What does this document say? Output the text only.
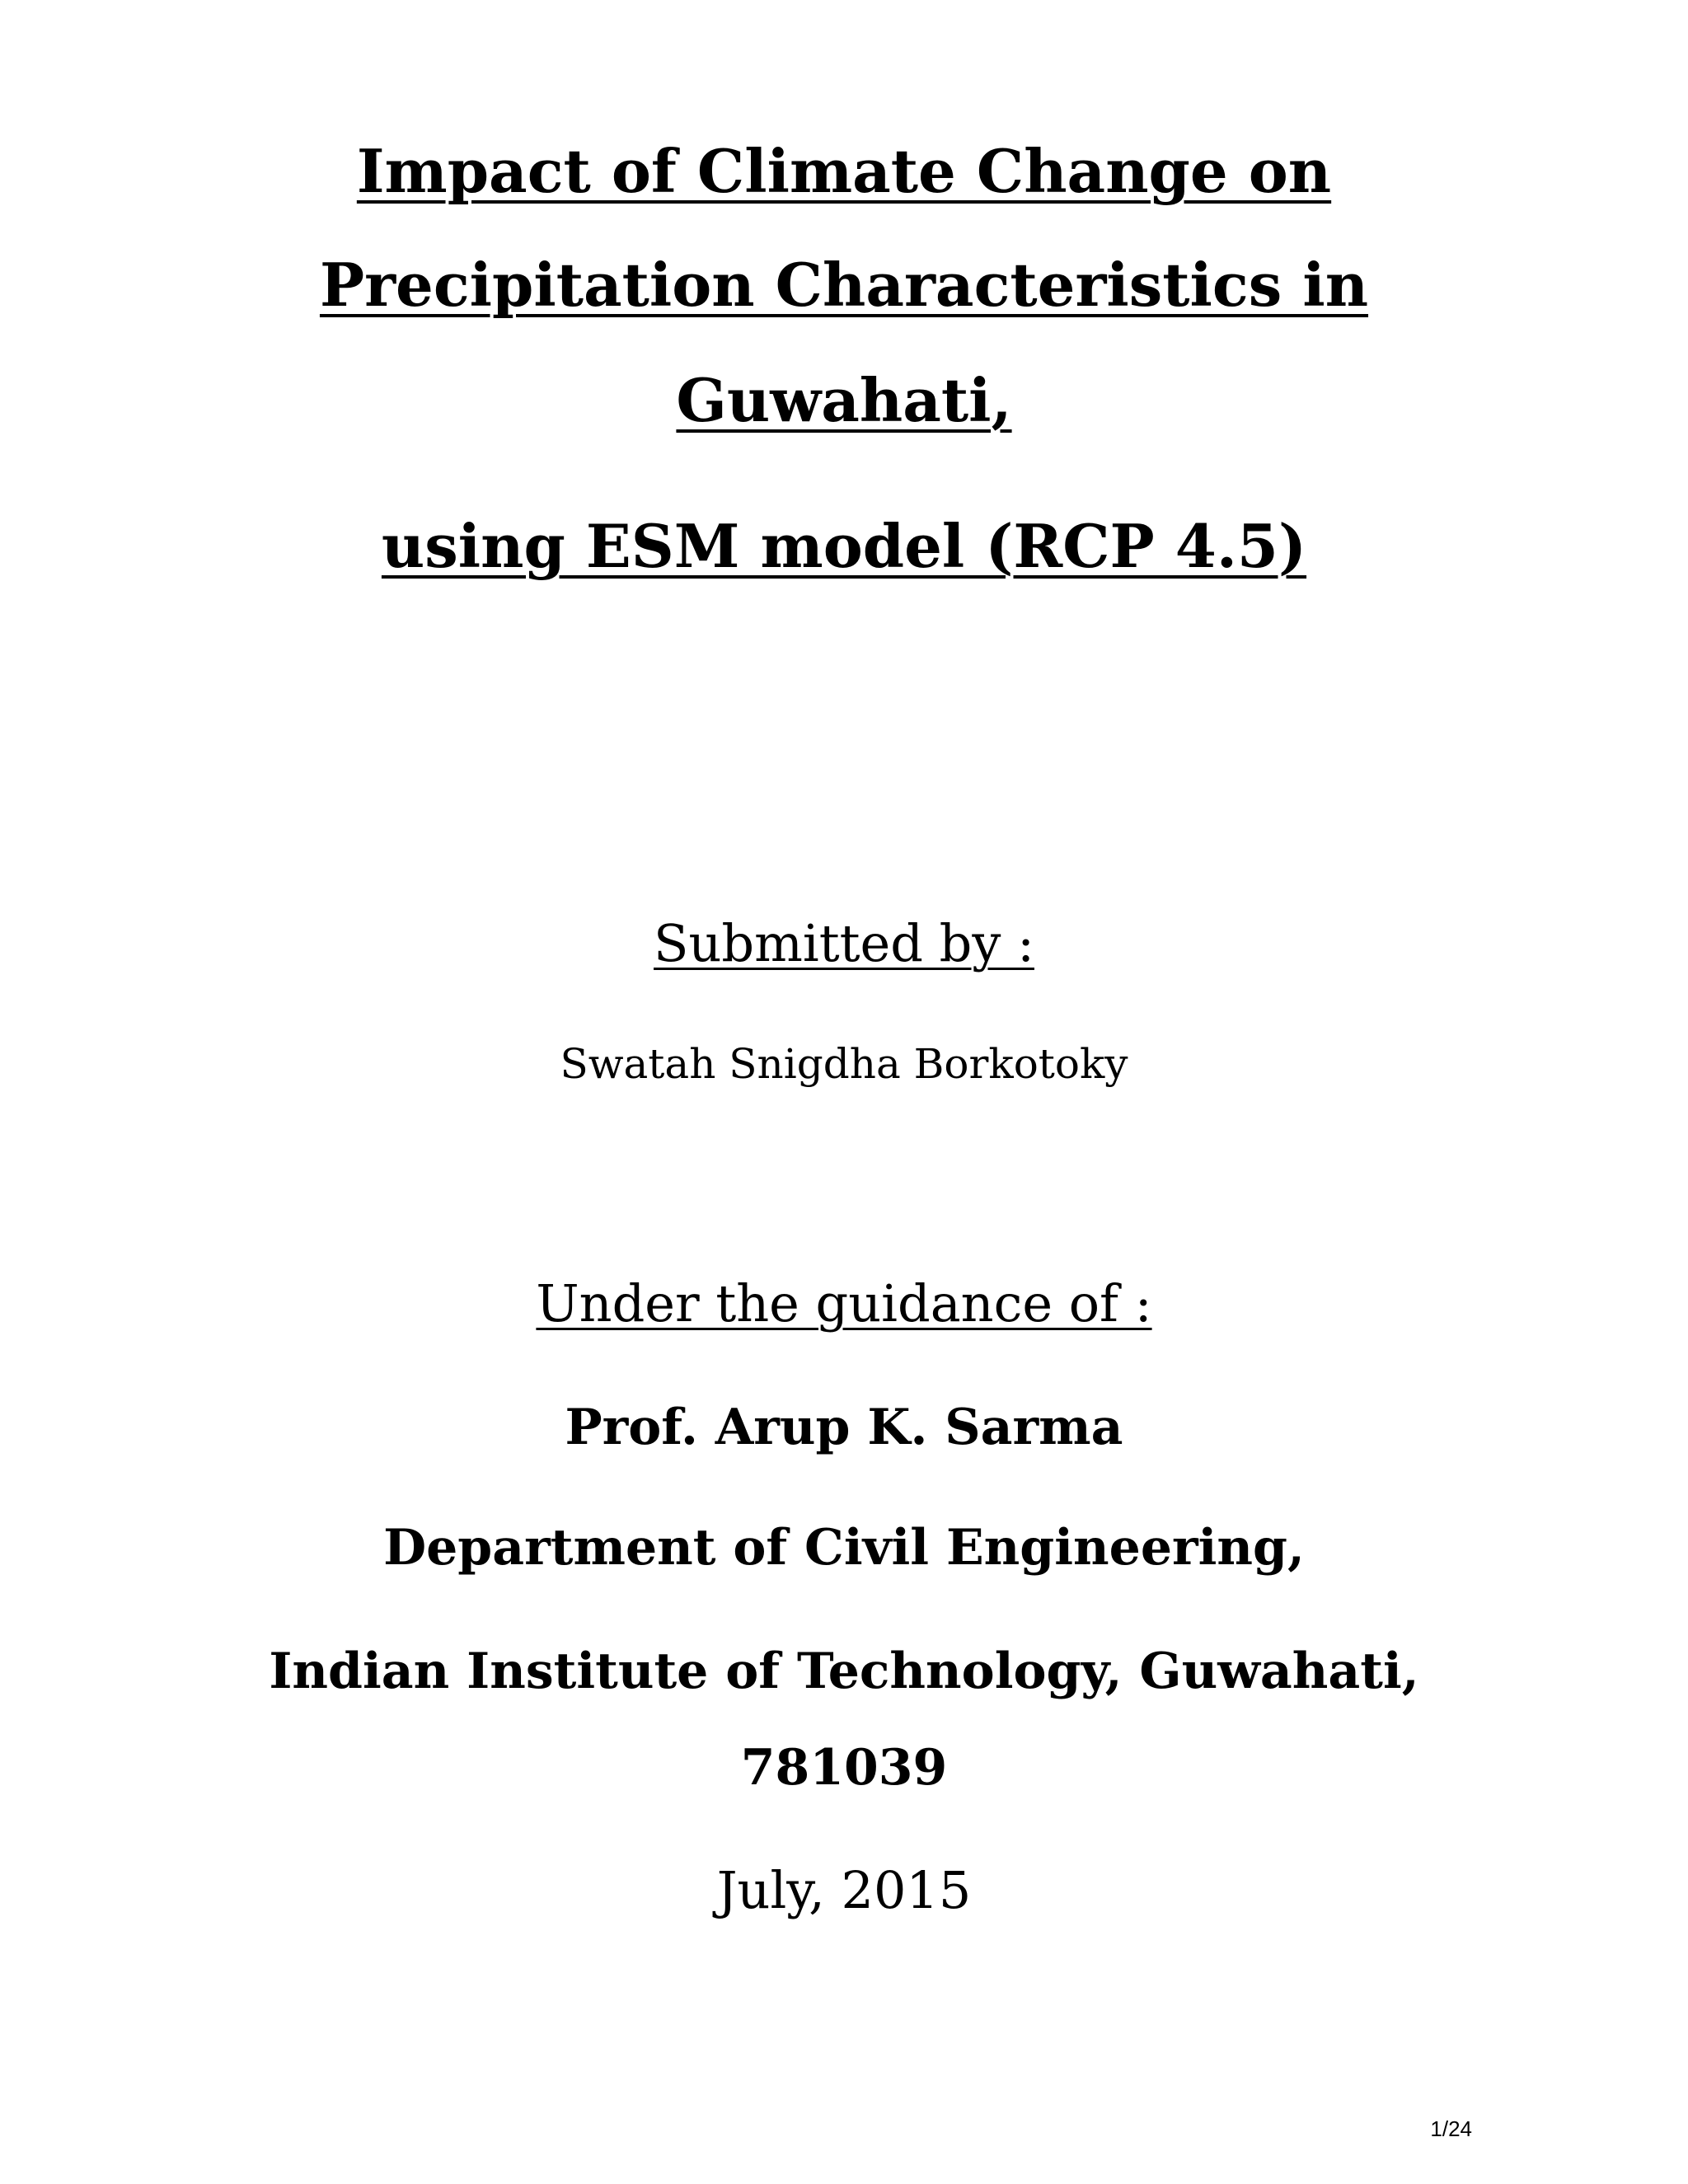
Impact of Climate Change on
Precipitation Characteristics in
Guwahati,
using ESM model (RCP 4.5)
Submitted by :
Swatah Snigdha Borkotoky
Under the guidance of :
Prof. Arup K. Sarma
Department of Civil Engineering,
Indian Institute of Technology, Guwahati,
781039
July, 2015
1/24
